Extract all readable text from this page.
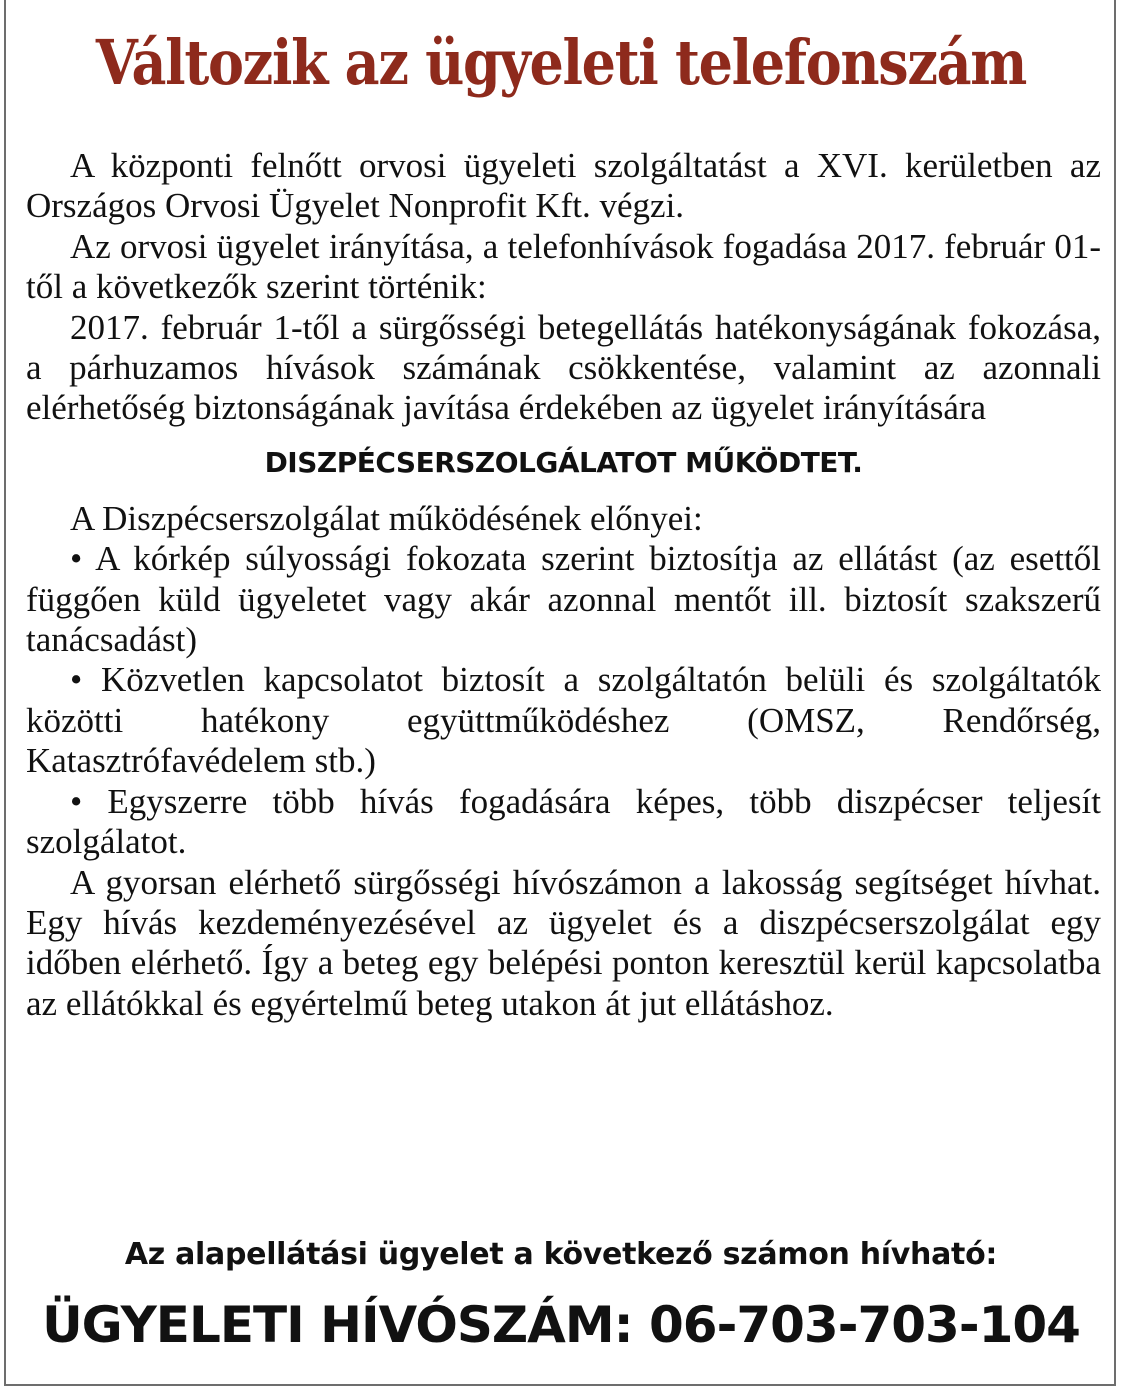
Változik az ügyeleti telefonszám

A központi felnőtt orvosi ügyeleti szolgáltatást a XVI. kerületben az Országos Orvosi Ügyelet Nonprofit Kft. végzi.

Az orvosi ügyelet irányítása, a telefonhívások fogadása 2017. február 01-től a következők szerint történik:

2017. február 1-től a sürgősségi betegellátás hatékonyságának fokozása, a párhuzamos hívások számának csökkentése, valamint az azonnali elérhetőség biztonságának javítása érdekében az ügyelet irányítására

DISZPÉCSERSZOLGÁLATOT MŰKÖDTET.

A Diszpécserszolgálat működésének előnyei:

• A kórkép súlyossági fokozata szerint biztosítja az ellátást (az esettől függően küld ügyeletet vagy akár azonnal mentőt ill. biztosít szakszerű tanácsadást)

• Közvetlen kapcsolatot biztosít a szolgáltatón belüli és szolgáltatók közötti hatékony együttműködéshez (OMSZ, Rendőrség, Katasztrófavédelem stb.)

• Egyszerre több hívás fogadására képes, több diszpécser teljesít szolgálatot.

A gyorsan elérhető sürgősségi hívószámon a lakosság segítséget hívhat. Egy hívás kezdeményezésével az ügyelet és a diszpécserszolgálat egy időben elérhető. Így a beteg egy belépési ponton keresztül kerül kapcsolatba az ellátókkal és egyértelmű beteg utakon át jut ellátáshoz.

Az alapellátási ügyelet a következő számon hívható:
ÜGYELETI HÍVÓSZÁM: 06-703-703-104
